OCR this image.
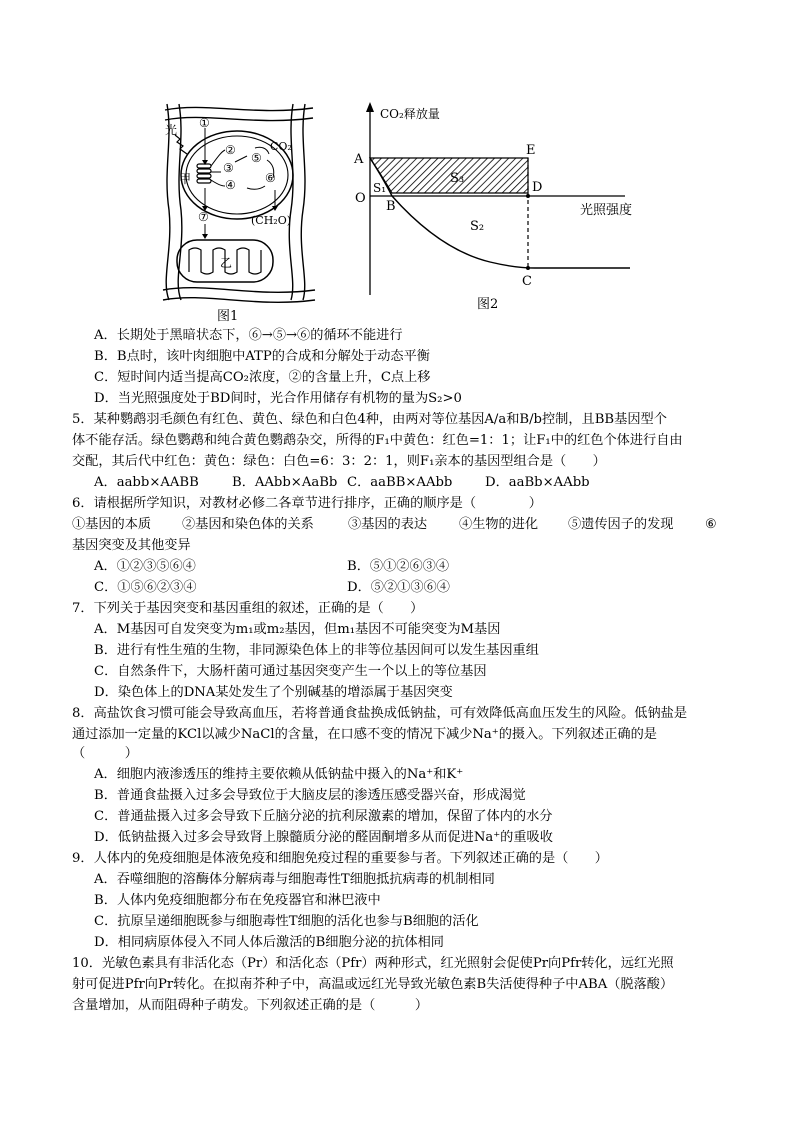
光
甲
乙
CO₂
(CH₂O)
①
②
③
④
⑤
⑥
⑦
图1
CO₂释放量
光照强度
A
O
B
E
D
C
S₁
S₃
S₂
图2
A．长期处于黑暗状态下，⑥→⑤→⑥的循环不能进行
B．B点时，该叶肉细胞中ATP的合成和分解处于动态平衡
C．短时间内适当提高CO₂浓度，②的含量上升，C点上移
D．当光照强度处于BD间时，光合作用储存有机物的量为S₂>0
5．某种鹦鹉羽毛颜色有红色、黄色、绿色和白色4种，由两对等位基因A/a和B/b控制，且BB基因型个
体不能存活。绿色鹦鹉和纯合黄色鹦鹉杂交，所得的F₁中黄色：红色=1：1；让F₁中的红色个体进行自由
交配，其后代中红色：黄色：绿色：白色=6：3：2：1，则F₁亲本的基因型组合是（　　）
A．aabb×AABB	B．AAbb×AaBb C．aaBB×AAbb D．aaBb×AAbb
6．请根据所学知识，对教材必修二各章节进行排序，正确的顺序是（　　　　）
①基因的本质 ②基因和染色体的关系	③基因的表达 ④生物的进化 ⑤遗传因子的发现 ⑥
基因突变及其他变异
A．①②③⑤⑥④	B．⑤①②⑥③④
C．①⑤⑥②③④	D．⑤②①③⑥④
7．下列关于基因突变和基因重组的叙述，正确的是（　　）
A．M基因可自发突变为m₁或m₂基因，但m₁基因不可能突变为M基因
B．进行有性生殖的生物，非同源染色体上的非等位基因间可以发生基因重组
C．自然条件下，大肠杆菌可通过基因突变产生一个以上的等位基因
D．染色体上的DNA某处发生了个别碱基的增添属于基因突变
8．高盐饮食习惯可能会导致高血压，若将普通食盐换成低钠盐，可有效降低高血压发生的风险。低钠盐是
通过添加一定量的KCl以减少NaCl的含量，在口感不变的情况下减少Na⁺的摄入。下列叙述正确的是
（　　　）
A．细胞内液渗透压的维持主要依赖从低钠盐中摄入的Na⁺和K⁺
B．普通食盐摄入过多会导致位于大脑皮层的渗透压感受器兴奋，形成渴觉
C．普通盐摄入过多会导致下丘脑分泌的抗利尿激素的增加，保留了体内的水分
D．低钠盐摄入过多会导致肾上腺髓质分泌的醛固酮增多从而促进Na⁺的重吸收
9．人体内的免疫细胞是体液免疫和细胞免疫过程的重要参与者。下列叙述正确的是（　　）
A．吞噬细胞的溶酶体分解病毒与细胞毒性T细胞抵抗病毒的机制相同
B．人体内免疫细胞都分布在免疫器官和淋巴液中
C．抗原呈递细胞既参与细胞毒性T细胞的活化也参与B细胞的活化
D．相同病原体侵入不同人体后激活的B细胞分泌的抗体相同
10．光敏色素具有非活化态（Pr）和活化态（Pfr）两种形式，红光照射会促使Pr向Pfr转化，远红光照
射可促进Pfr向Pr转化。在拟南芥种子中，高温或远红光导致光敏色素B失活使得种子中ABA（脱落酸）
含量增加，从而阻碍种子萌发。下列叙述正确的是（　　　）
